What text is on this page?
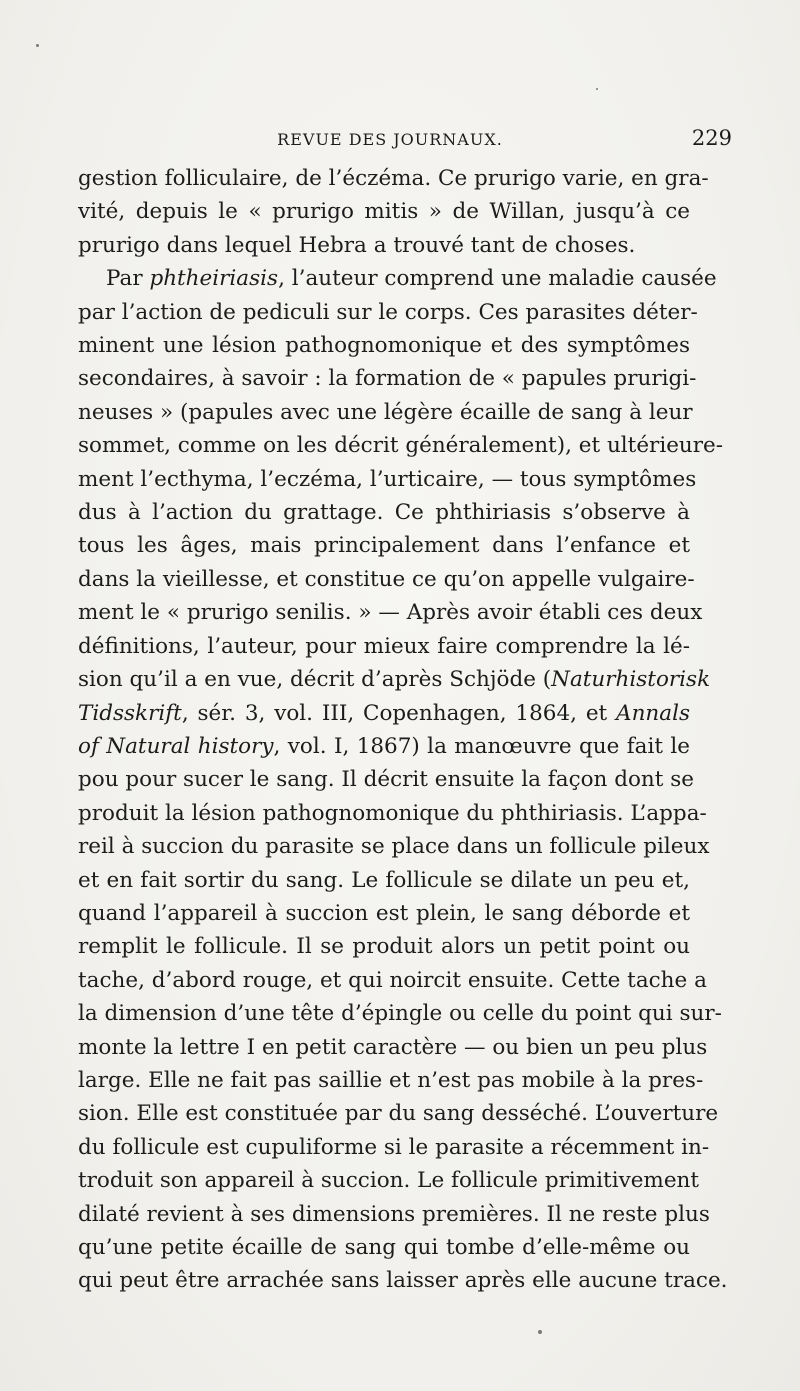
REVUE DES JOURNAUX.	229
gestion folliculaire, de l’éczéma. Ce prurigo varie, en gra-
vité, depuis le « prurigo mitis » de Willan, jusqu’à ce
prurigo dans lequel Hebra a trouvé tant de choses.
Par phtheiriasis, l’auteur comprend une maladie causée
par l’action de pediculi sur le corps. Ces parasites déter-
minent une lésion pathognomonique et des symptômes
secondaires, à savoir : la formation de « papules prurigi-
neuses » (papules avec une légère écaille de sang à leur
sommet, comme on les décrit généralement), et ultérieure-
ment l’ecthyma, l’eczéma, l’urticaire, — tous symptômes
dus à l’action du grattage. Ce phthiriasis s’observe à
tous les âges, mais principalement dans l’enfance et
dans la vieillesse, et constitue ce qu’on appelle vulgaire-
ment le « prurigo senilis. » — Après avoir établi ces deux
définitions, l’auteur, pour mieux faire comprendre la lé-
sion qu’il a en vue, décrit d’après Schjöde (Naturhistorisk
Tidsskrift, sér. 3, vol. III, Copenhagen, 1864, et Annals
of Natural history, vol. I, 1867) la manœuvre que fait le
pou pour sucer le sang. Il décrit ensuite la façon dont se
produit la lésion pathognomonique du phthiriasis. L’appa-
reil à succion du parasite se place dans un follicule pileux
et en fait sortir du sang. Le follicule se dilate un peu et,
quand l’appareil à succion est plein, le sang déborde et
remplit le follicule. Il se produit alors un petit point ou
tache, d’abord rouge, et qui noircit ensuite. Cette tache a
la dimension d’une tête d’épingle ou celle du point qui sur-
monte la lettre I en petit caractère — ou bien un peu plus
large. Elle ne fait pas saillie et n’est pas mobile à la pres-
sion. Elle est constituée par du sang desséché. L’ouverture
du follicule est cupuliforme si le parasite a récemment in-
troduit son appareil à succion. Le follicule primitivement
dilaté revient à ses dimensions premières. Il ne reste plus
qu’une petite écaille de sang qui tombe d’elle-même ou
qui peut être arrachée sans laisser après elle aucune trace.
